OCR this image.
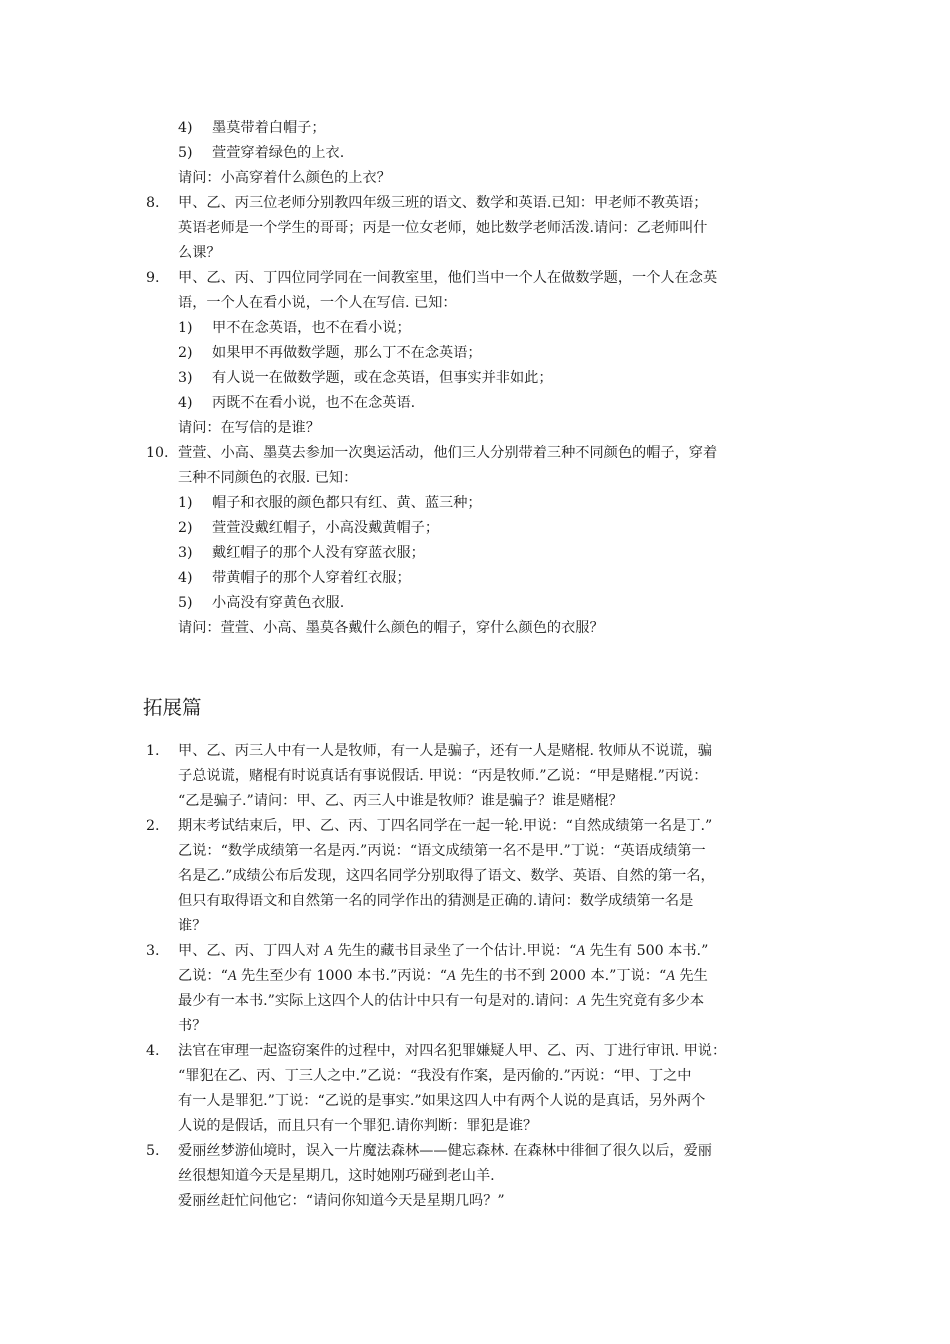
4) 墨莫带着白帽子；
5) 萱萱穿着绿色的上衣.
请问：小高穿着什么颜色的上衣？
8. 甲、乙、丙三位老师分别教四年级三班的语文、数学和英语.已知：甲老师不教英语；
英语老师是一个学生的哥哥；丙是一位女老师，她比数学老师活泼.请问：乙老师叫什
么课？
9. 甲、乙、丙、丁四位同学同在一间教室里，他们当中一个人在做数学题，一个人在念英
语，一个人在看小说，一个人在写信. 已知：
1) 甲不在念英语，也不在看小说；
2) 如果甲不再做数学题，那么丁不在念英语；
3) 有人说一在做数学题，或在念英语，但事实并非如此；
4) 丙既不在看小说，也不在念英语.
请问：在写信的是谁？
10. 萱萱、小高、墨莫去参加一次奥运活动，他们三人分别带着三种不同颜色的帽子，穿着
三种不同颜色的衣服. 已知：
1) 帽子和衣服的颜色都只有红、黄、蓝三种；
2) 萱萱没戴红帽子，小高没戴黄帽子；
3) 戴红帽子的那个人没有穿蓝衣服；
4) 带黄帽子的那个人穿着红衣服；
5) 小高没有穿黄色衣服.
请问：萱萱、小高、墨莫各戴什么颜色的帽子，穿什么颜色的衣服？
拓展篇
1. 甲、乙、丙三人中有一人是牧师，有一人是骗子，还有一人是赌棍. 牧师从不说谎，骗
子总说谎，赌棍有时说真话有事说假话. 甲说：“丙是牧师.”乙说：“甲是赌棍.”丙说：
“乙是骗子.”请问：甲、乙、丙三人中谁是牧师？谁是骗子？谁是赌棍？
2. 期末考试结束后，甲、乙、丙、丁四名同学在一起一轮.甲说：“自然成绩第一名是丁.”
乙说：“数学成绩第一名是丙.”丙说：“语文成绩第一名不是甲.”丁说：“英语成绩第一
名是乙.”成绩公布后发现，这四名同学分别取得了语文、数学、英语、自然的第一名，
但只有取得语文和自然第一名的同学作出的猜测是正确的.请问：数学成绩第一名是
谁？
3. 甲、乙、丙、丁四人对 A 先生的藏书目录坐了一个估计.甲说：“A 先生有 500 本书.”
乙说：“A 先生至少有 1000 本书.”丙说：“A 先生的书不到 2000 本.”丁说：“A 先生
最少有一本书.”实际上这四个人的估计中只有一句是对的.请问：A 先生究竟有多少本
书？
4. 法官在审理一起盗窃案件的过程中，对四名犯罪嫌疑人甲、乙、丙、丁进行审讯. 甲说：
“罪犯在乙、丙、丁三人之中.”乙说：“我没有作案，是丙偷的.”丙说：“甲、丁之中
有一人是罪犯.”丁说：“乙说的是事实.”如果这四人中有两个人说的是真话，另外两个
人说的是假话，而且只有一个罪犯.请你判断：罪犯是谁？
5. 爱丽丝梦游仙境时，误入一片魔法森林——健忘森林. 在森林中徘徊了很久以后，爱丽
丝很想知道今天是星期几，这时她刚巧碰到老山羊.
爱丽丝赶忙问他它：“请问你知道今天是星期几吗？”
